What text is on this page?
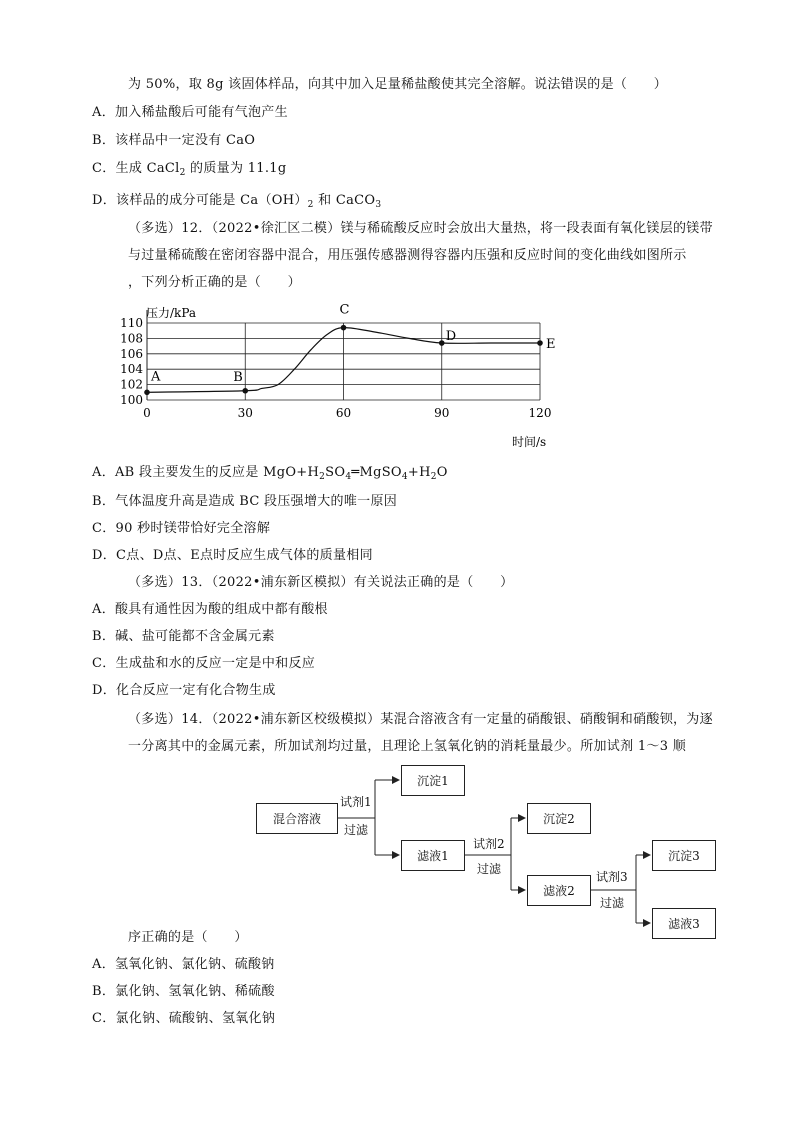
为 50%，取 8g 该固体样品，向其中加入足量稀盐酸使其完全溶解。说法错误的是（　　）
A．加入稀盐酸后可能有气泡产生
B．该样品中一定没有 CaO
C．生成 CaCl$_2$ 的质量为 11.1g
D．该样品的成分可能是 $Ca(OH)_2$ 和 CaCO$_3$
（多选）12．（2022•徐汇区二模）镁与稀硫酸反应时会放出大量热，将一段表面有氧化镁层的镁带
与过量稀硫酸在密闭容器中混合，用压强传感器测得容器内压强和反应时间的变化曲线如图所示
，下列分析正确的是（　　）
100
102
104
106
108
110
0	30	60	90	120
A	B
C
D
E
压力/kPa
时间/s
A．AB 段主要发生的反应是 $MgO+H_2SO_4═MgSO_4+H_2O$
B．气体温度升高是造成 BC 段压强增大的唯一原因
C．90 秒时镁带恰好完全溶解
D．C点、D点、E点时反应生成气体的质量相同
（多选）13．（2022•浦东新区模拟）有关说法正确的是（　　）
A．酸具有通性因为酸的组成中都有酸根
B．碱、盐可能都不含金属元素
C．生成盐和水的反应一定是中和反应
D．化合反应一定有化合物生成
（多选）14．（2022•浦东新区校级模拟）某混合溶液含有一定量的硝酸银、硝酸铜和硝酸钡，为逐
一分离其中的金属元素，所加试剂均过量，且理论上氢氧化钠的消耗量最少。所加试剂 1～3 顺
混合溶液
试剂1
过滤
沉淀1
滤液1
试剂2
过滤
沉淀2
滤液2
试剂3
过滤
沉淀3
滤液3
序正确的是（　　）
A．氢氧化钠、氯化钠、硫酸钠
B．氯化钠、氢氧化钠、稀硫酸
C．氯化钠、硫酸钠、氢氧化钠
